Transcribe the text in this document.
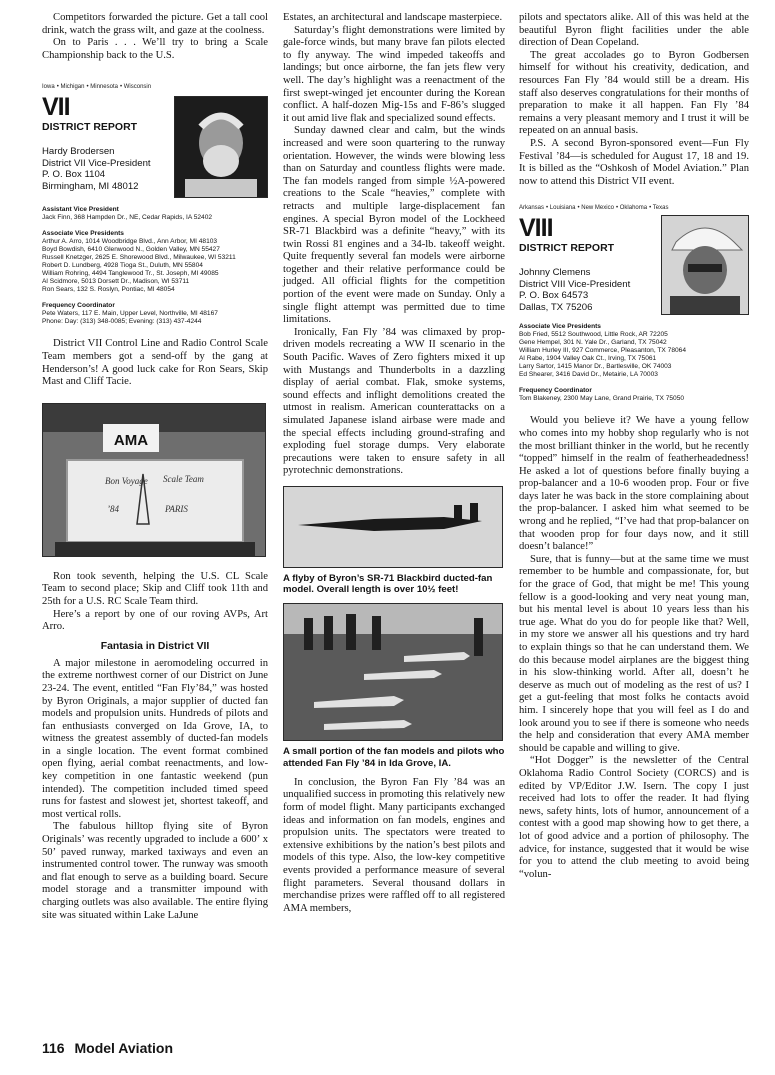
Competitors forwarded the picture. Get a tall cool drink, watch the grass wilt, and gaze at the coolness.

On to Paris . . . We’ll try to bring a Scale Championship back to the U.S.

Iowa • Michigan • Minnesota • Wisconsin
VII
DISTRICT REPORT
Hardy Brodersen
District VII Vice-President
P. O. Box 1104
Birmingham, MI 48012
Assistant Vice President
Jack Finn, 368 Hampden Dr., NE, Cedar Rapids, IA 52402
Associate Vice Presidents
Arthur A. Arro, 1014 Woodbridge Blvd., Ann Arbor, MI 48103
Boyd Bowdish, 6410 Glenwood N., Golden Valley, MN 55427
Russell Knetzger, 2625 E. Shorewood Blvd., Milwaukee, WI 53211
Robert D. Lundberg, 4928 Tioga St., Duluth, MN 55804
William Rohring, 4494 Tanglewood Tr., St. Joseph, MI 49085
Al Scidmore, 5013 Dorsett Dr., Madison, WI 53711
Ron Sears, 132 S. Roslyn, Pontiac, MI 48054
Frequency Coordinator
Pete Waters, 117 E. Main, Upper Level, Northville, MI 48167
Phone: Day: (313) 348-0085; Evening: (313) 437-4244

District VII Control Line and Radio Control Scale Team members got a send-off by the gang at Henderson’s! A good luck cake for Ron Sears, Skip Mast and Cliff Tacie.

AMA
Bon Voyage Scale Team
’84	PARIS

Ron took seventh, helping the U.S. CL Scale Team to second place; Skip and Cliff took 11th and 25th for a U.S. RC Scale Team third.

Here’s a report by one of our roving AVPs, Art Arro.

Fantasia in District VII

A major milestone in aeromodeling occurred in the extreme northwest corner of our District on June 23-24. The event, entitled “Fan Fly’84,” was hosted by Byron Originals, a major supplier of ducted fan models and propulsion units. Hundreds of pilots and fan enthusiasts converged on Ida Grove, IA, to witness the greatest assembly of ducted-fan models in a single location. The event format combined open flying, aerial combat reenactments, and low-key competition in one fantastic weekend (pun intended). The competition included timed speed runs for fastest and slowest jet, shortest takeoff, and most vertical rolls.

The fabulous hilltop flying site of Byron Originals’ was recently upgraded to include a 600’ x 50’ paved runway, marked taxiways and even an instrumented control tower. The runway was smooth and flat enough to serve as a building board. Secure model storage and a transmitter impound with charging outlets was also available. The entire flying site was situated within Lake LaJune

Estates, an architectural and landscape masterpiece.

Saturday’s flight demonstrations were limited by gale-force winds, but many brave fan pilots elected to fly anyway. The wind impeded takeoffs and landings; but once airborne, the fan jets flew very well. The day’s highlight was a reenactment of the first swept-winged jet encounter during the Korean conflict. A half-dozen Mig-15s and F-86’s slugged it out amid live flak and specialized sound effects.

Sunday dawned clear and calm, but the winds increased and were soon quartering to the runway orientation. However, the winds were blowing less than on Saturday and countless flights were made. The fan models ranged from simple ½A-powered creations to the Scale “heavies,” complete with retracts and multiple large-displacement fan engines. A special Byron model of the Lockheed SR-71 Blackbird was a definite “heavy,” with its twin Rossi 81 engines and a 34-lb. takeoff weight. Quite frequently several fan models were airborne together and their relative performance could be judged. All official flights for the competition portion of the event were made on Sunday. Only a single flight attempt was permitted due to time limitations.

Ironically, Fan Fly ’84 was climaxed by prop-driven models recreating a WW II scenario in the South Pacific. Waves of Zero fighters mixed it up with Mustangs and Thunderbolts in a dazzling display of aerial combat. Flak, smoke systems, sound effects and inflight demolitions created the utmost in realism. American counterattacks on a simulated Japanese island airbase were made and the special effects including ground-strafing and exploding fuel storage dumps. Very elaborate precautions were taken to ensure safety in all pyrotechnic demonstrations.

A flyby of Byron’s SR-71 Blackbird ducted-fan model. Overall length is over 10½ feet!
A small portion of the fan models and pilots who attended Fan Fly ’84 in Ida Grove, IA.

In conclusion, the Byron Fan Fly ’84 was an unqualified success in promoting this relatively new form of model flight. Many participants exchanged ideas and information on fan models, engines and propulsion units. The spectators were treated to extensive exhibitions by the nation’s best pilots and models of this type. Also, the low-key competitive events provided a performance measure of several flight parameters. Several thousand dollars in merchandise prizes were raffled off to all registered AMA members,

pilots and spectators alike. All of this was held at the beautiful Byron flight facilities under the able direction of Dean Copeland.

The great accolades go to Byron Godbersen himself for without his creativity, dedication, and resources Fan Fly ’84 would still be a dream. His staff also deserves congratulations for their months of preparation to make it all happen. Fan Fly ’84 remains a very pleasant memory and I trust it will be repeated on an annual basis.

P.S. A second Byron-sponsored event—Fun Fly Festival ’84—is scheduled for August 17, 18 and 19. It is billed as the “Oshkosh of Model Aviation.” Plan now to attend this District VII event.

Arkansas • Louisiana • New Mexico • Oklahoma • Texas
VIII
DISTRICT REPORT
Johnny Clemens
District VIII Vice-President
P. O. Box 64573
Dallas, TX 75206
Associate Vice Presidents
Bob Fried, 5512 Southwood, Little Rock, AR 72205
Gene Hempel, 301 N. Yale Dr., Garland, TX 75042
William Hurley III, 927 Commerce, Pleasanton, TX 78064
Al Rabe, 1904 Valley Oak Ct., Irving, TX 75061
Larry Sartor, 1415 Manor Dr., Bartlesville, OK 74003
Ed Shearer, 3416 David Dr., Metairie, LA 70003
Frequency Coordinator
Tom Blakeney, 2300 May Lane, Grand Prairie, TX 75050

Would you believe it? We have a young fellow who comes into my hobby shop regularly who is not the most brilliant thinker in the world, but he recently “topped” himself in the realm of featherheadedness! He asked a lot of questions before finally buying a prop-balancer and a 10-6 wooden prop. Four or five days later he was back in the store complaining about the prop-balancer. I asked him what seemed to be wrong and he replied, “I’ve had that prop-balancer on that wooden prop for four days now, and it still doesn’t balance!”

Sure, that is funny—but at the same time we must remember to be humble and compassionate, for, but for the grace of God, that might be me! This young fellow is a good-looking and very neat young man, but his mental level is about 10 years less than his true age. What do you do for people like that? Well, in my store we answer all his questions and try hard to explain things so that he can understand them. We do this because model airplanes are the biggest thing in his slow-thinking world. After all, doesn’t he deserve as much out of modeling as the rest of us? I get a gut-feeling that most folks he contacts avoid him. I sincerely hope that you will feel as I do and look around you to see if there is someone who needs the help and consideration that every AMA member should be capable and willing to give.

“Hot Dogger” is the newsletter of the Central Oklahoma Radio Control Society (CORCS) and is edited by VP/Editor J.W. Isern. The copy I just received had lots to offer the reader. It had flying news, safety hints, lots of humor, announcement of a contest with a good map showing how to get there, a lot of good advice and a portion of philosophy. The advice, for instance, suggested that it would be wise for you to attend the club meeting to avoid being “volun-

116 Model Aviation
